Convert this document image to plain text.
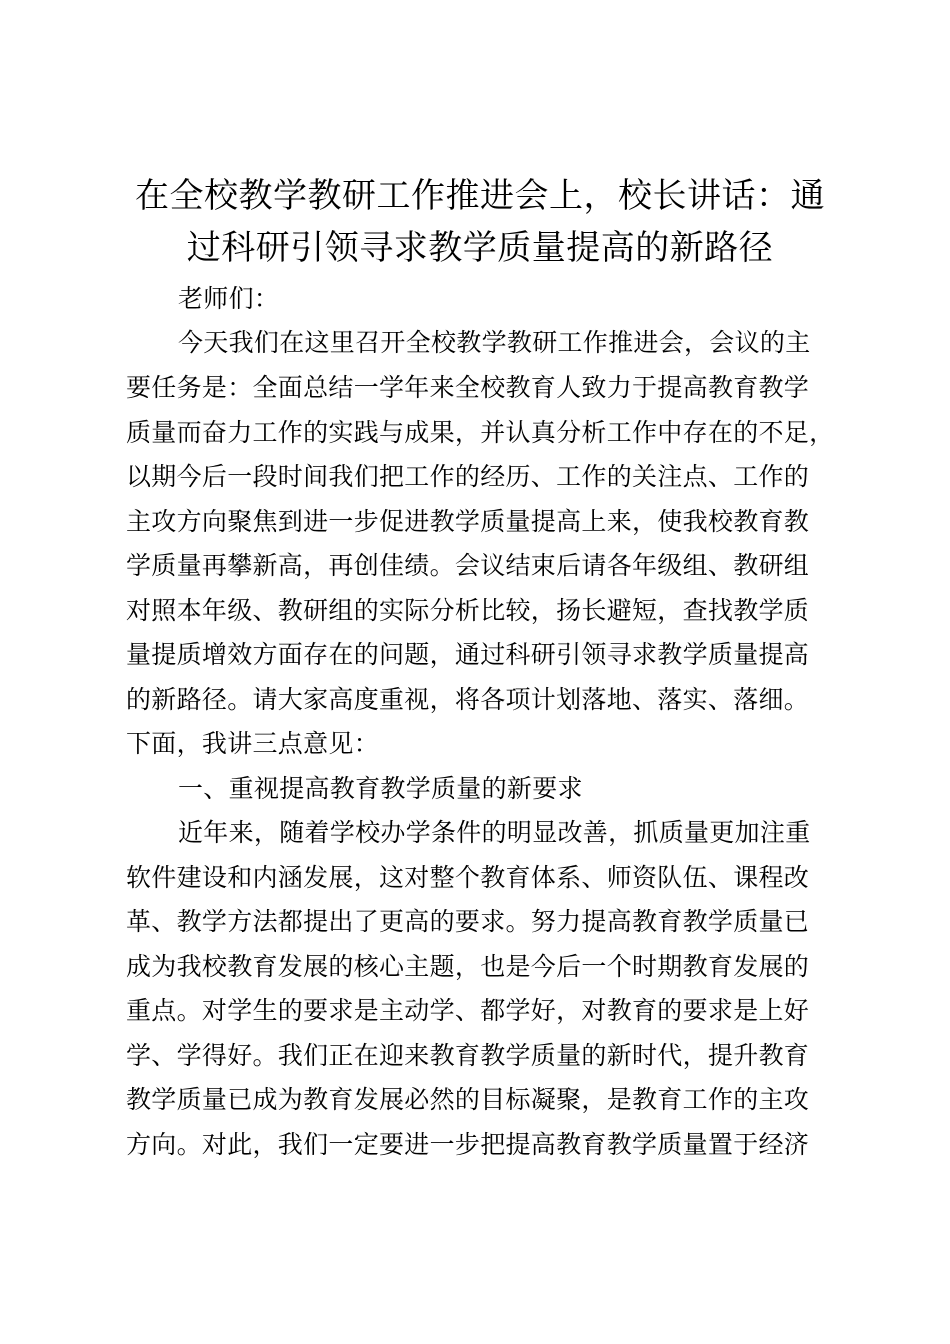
在全校教学教研工作推进会上，校长讲话：通过科研引领寻求教学质量提高的新路径

老师们：

今天我们在这里召开全校教学教研工作推进会，会议的主

要任务是：全面总结一学年来全校教育人致力于提高教育教学

质量而奋力工作的实践与成果，并认真分析工作中存在的不足，

以期今后一段时间我们把工作的经历、工作的关注点、工作的

主攻方向聚焦到进一步促进教学质量提高上来，使我校教育教

学质量再攀新高，再创佳绩。会议结束后请各年级组、教研组

对照本年级、教研组的实际分析比较，扬长避短，查找教学质

量提质增效方面存在的问题，通过科研引领寻求教学质量提高

的新路径。请大家高度重视，将各项计划落地、落实、落细。

下面，我讲三点意见：

一、重视提高教育教学质量的新要求

近年来，随着学校办学条件的明显改善，抓质量更加注重

软件建设和内涵发展，这对整个教育体系、师资队伍、课程改

革、教学方法都提出了更高的要求。努力提高教育教学质量已

成为我校教育发展的核心主题，也是今后一个时期教育发展的

重点。对学生的要求是主动学、都学好，对教育的要求是上好

学、学得好。我们正在迎来教育教学质量的新时代，提升教育

教学质量已成为教育发展必然的目标凝聚，是教育工作的主攻

方向。对此，我们一定要进一步把提高教育教学质量置于经济
